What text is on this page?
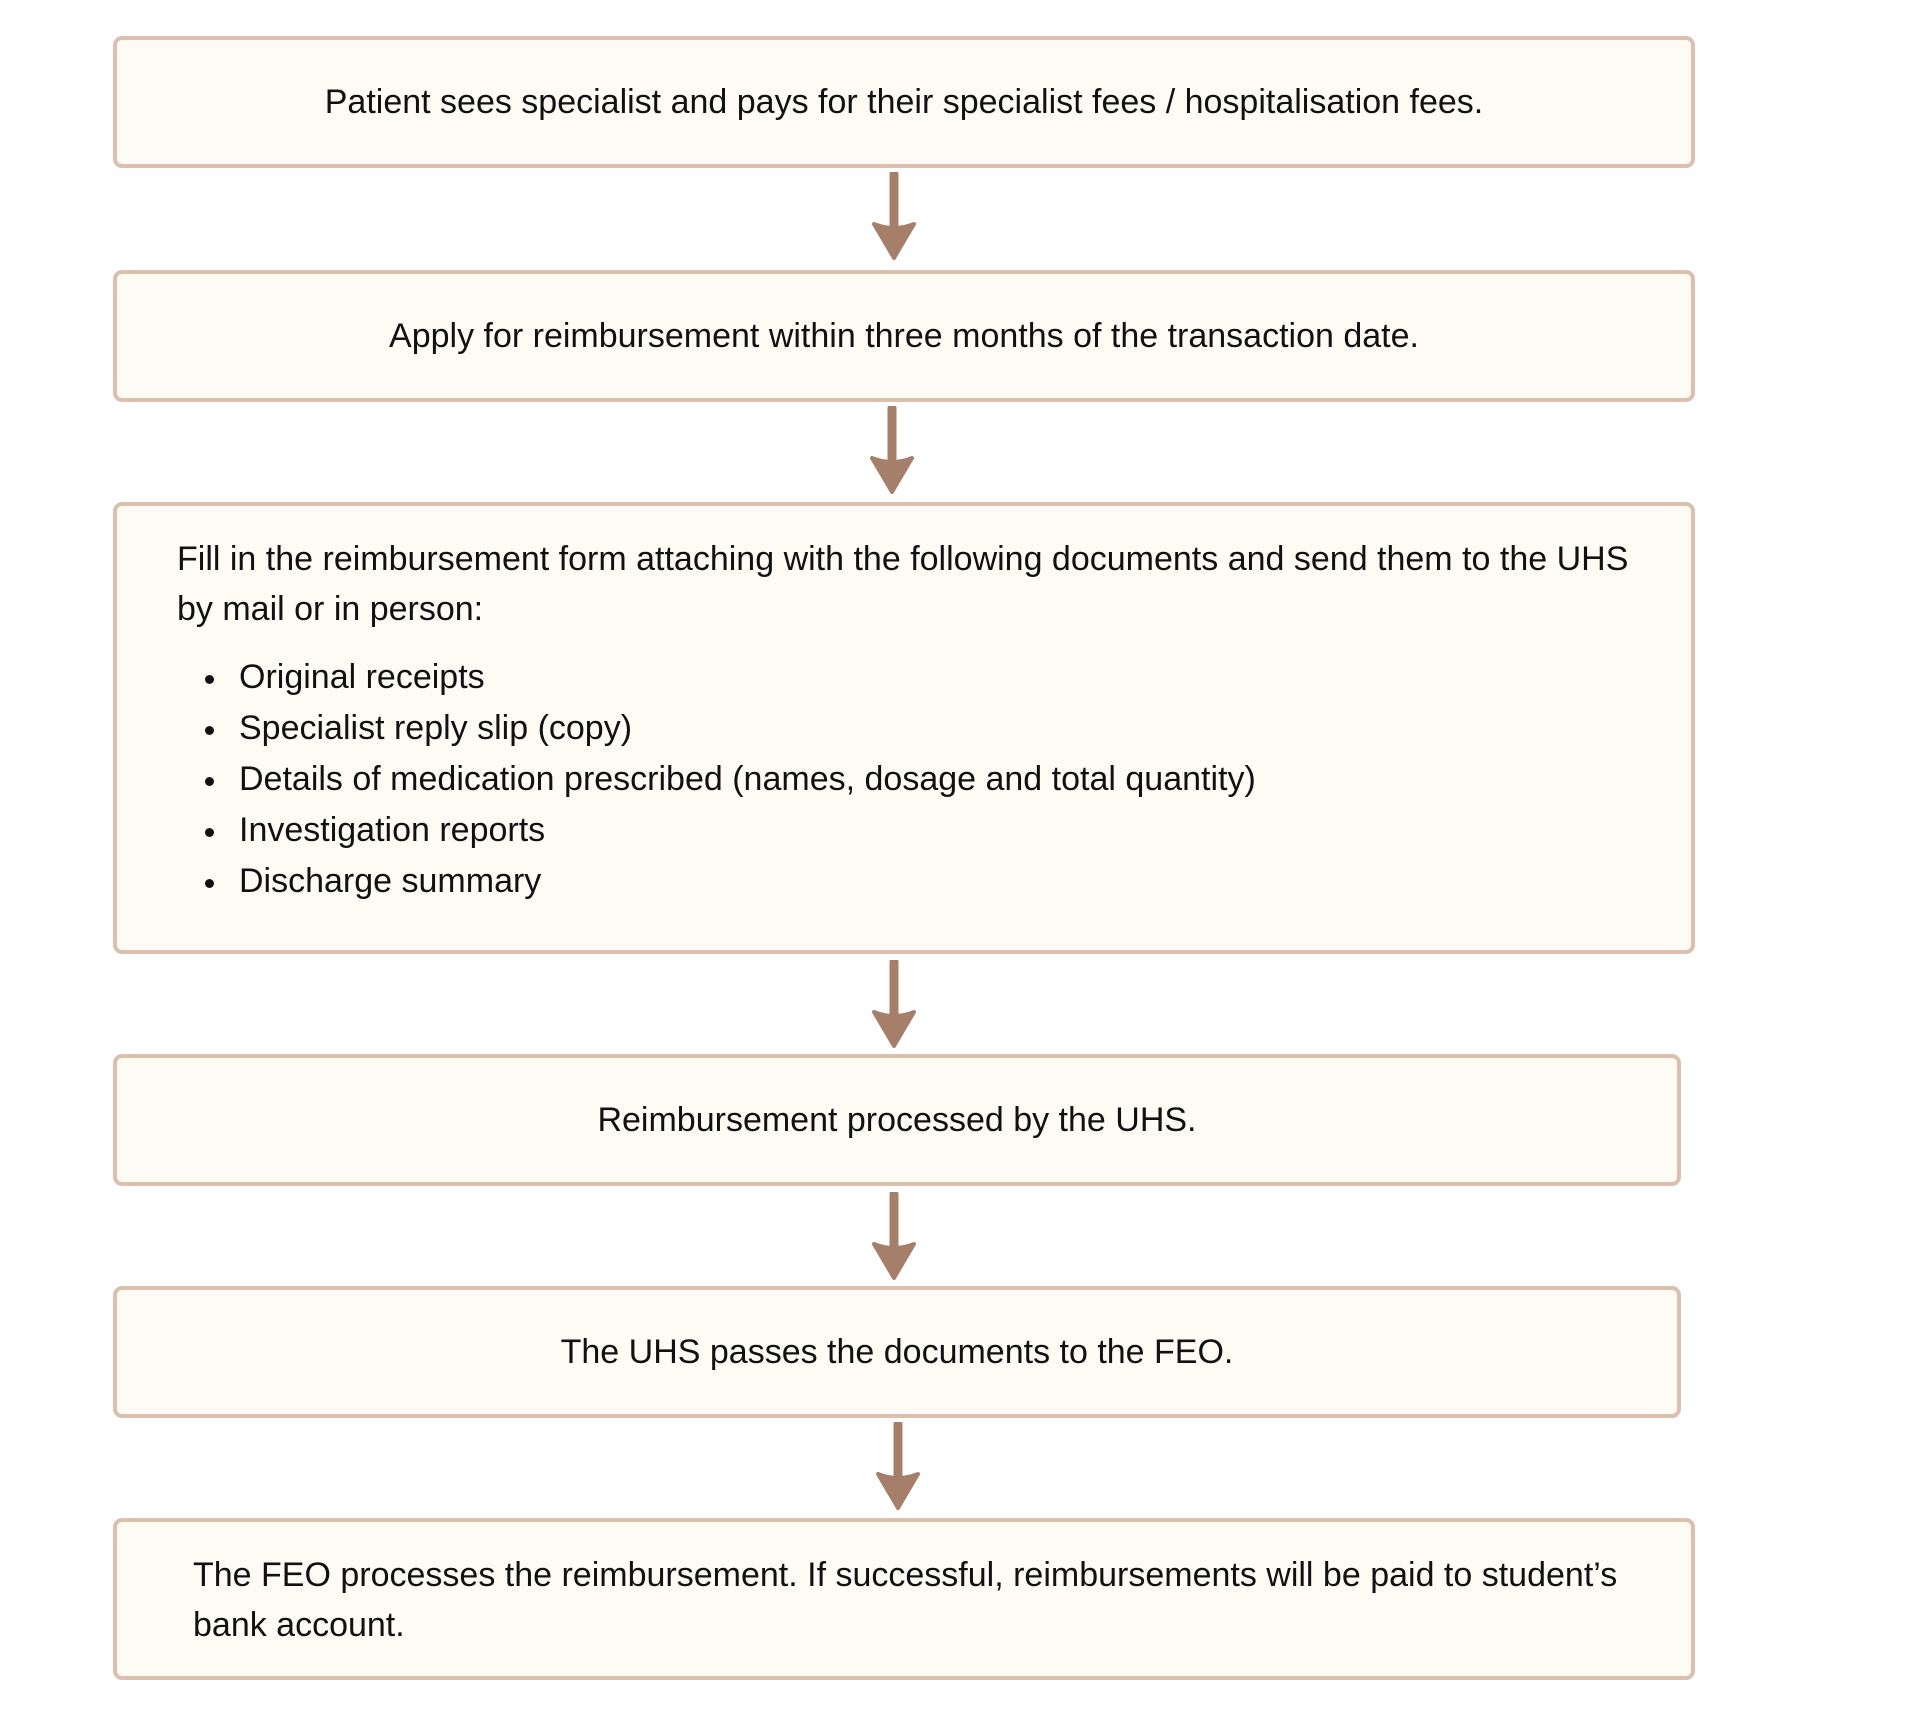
Patient sees specialist and pays for their specialist fees / hospitalisation fees.
Apply for reimbursement within three months of the transaction date.
Fill in the reimbursement form attaching with the following documents and send them to the UHS by mail or in person:
Original receipts
Specialist reply slip (copy)
Details of medication prescribed (names, dosage and total quantity)
Investigation reports
Discharge summary
Reimbursement processed by the UHS.
The UHS passes the documents to the FEO.
The FEO processes the reimbursement. If successful, reimbursements will be paid to student’s bank account.
